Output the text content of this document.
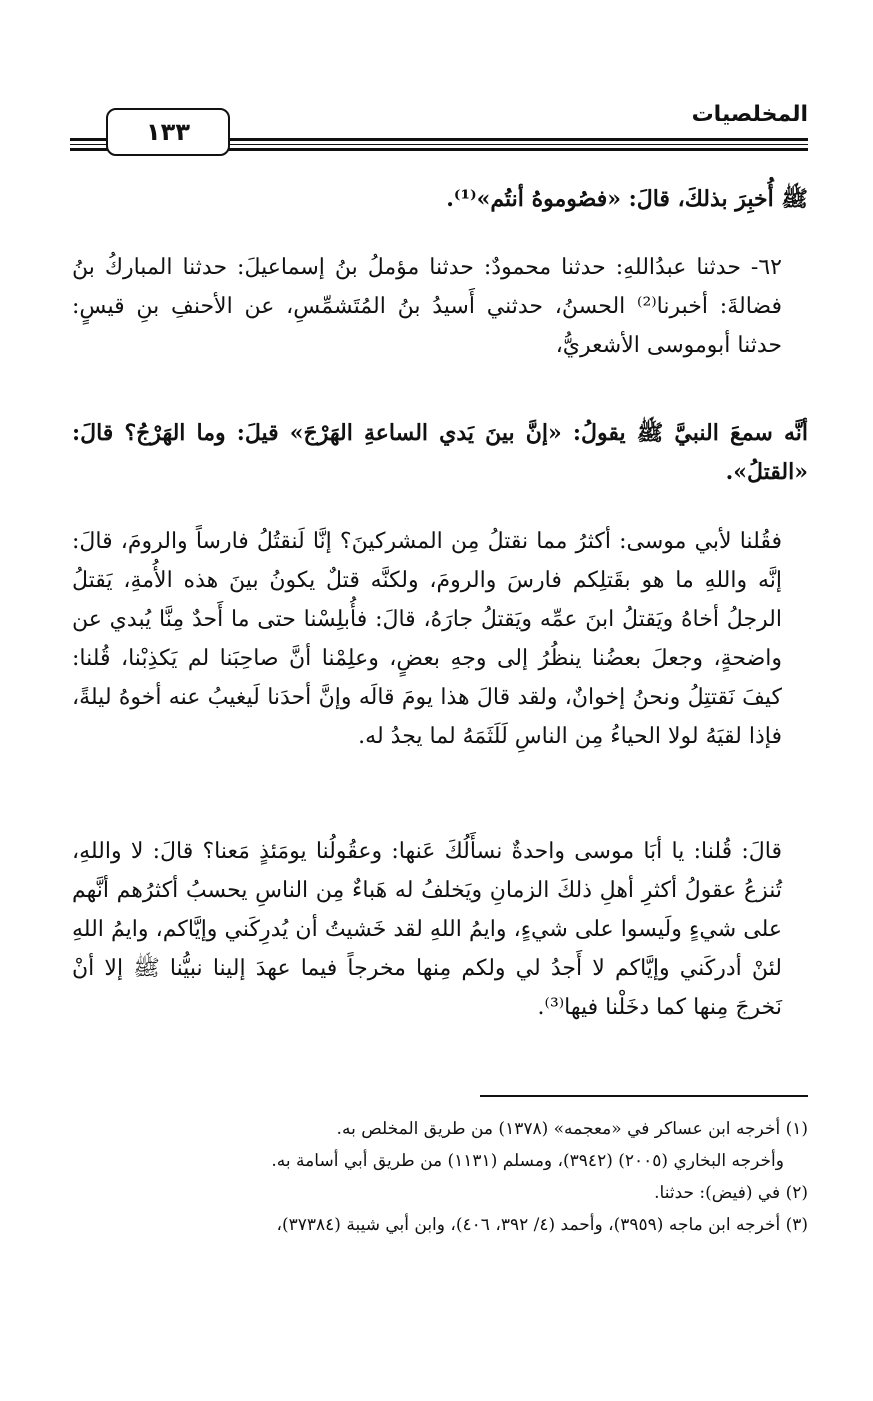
المخلصيات
١٣٣

ﷺ أُخبِرَ بذلكَ، قالَ: «فصُوموهُ أنتُم»⁽¹⁾.

٦٢- حدثنا عبدُاللهِ: حدثنا محمودٌ: حدثنا مؤملُ بنُ إسماعيلَ: حدثنا المباركُ بنُ فضالةَ: أخبرنا⁽²⁾ الحسنُ، حدثني أَسيدُ بنُ المُتَشمِّسِ، عن الأحنفِ بنِ قيسٍ: حدثنا أبوموسى الأشعريُّ،

أنَّه سمعَ النبيَّ ﷺ يقولُ: «إنَّ بينَ يَدي الساعةِ الهَرْجَ» قيلَ: وما الهَرْجُ؟ قالَ: «القتلُ».

فقُلنا لأبي موسى: أكثرُ مما نقتلُ مِن المشركينَ؟ إنَّا لَنقتُلُ فارساً والرومَ، قالَ: إنَّه واللهِ ما هو بقَتلِكم فارسَ والرومَ، ولكنَّه قتلٌ يكونُ بينَ هذه الأُمةِ، يَقتلُ الرجلُ أخاهُ ويَقتلُ ابنَ عمِّه ويَقتلُ جارَهُ، قالَ: فأُبلِسْنا حتى ما أَحدٌ مِنَّا يُبدي عن واضحةٍ، وجعلَ بعضُنا ينظُرُ إلى وجهِ بعضٍ، وعلِمْنا أنَّ صاحِبَنا لم يَكذِبْنا، قُلنا: كيفَ نَقتتِلُ ونحنُ إخوانٌ، ولقد قالَ هذا يومَ قالَه وإنَّ أحدَنا لَيغيبُ عنه أخوهُ ليلةً، فإذا لقيَهُ لولا الحياءُ مِن الناسِ لَلَثَمَهُ لما يجدُ له.

قالَ: قُلنا: يا أبَا موسى واحدةٌ نسأَلُكَ عَنها: وعقُولُنا يومَئذٍ مَعنا؟ قالَ: لا واللهِ، تُنزعُ عقولُ أكثرِ أهلِ ذلكَ الزمانِ ويَخلفُ له هَباءٌ مِن الناسِ يحسبُ أكثرُهم أنَّهم على شيءٍ ولَيسوا على شيءٍ، وايمُ اللهِ لقد خَشيتُ أن يُدرِكَني وإيَّاكم، وايمُ اللهِ لئنْ أدركَني وإيَّاكم لا أَجدُ لي ولكم مِنها مخرجاً فيما عهدَ إلينا نبيُّنا ﷺ إلا أنْ نَخرجَ مِنها كما دخَلْنا فيها⁽³⁾.

(١) أخرجه ابن عساكر في «معجمه» (١٣٧٨) من طريق المخلص به.

وأخرجه البخاري (٢٠٠٥) (٣٩٤٢)، ومسلم (١١٣١) من طريق أبي أسامة به.

(٢) في (فيض): حدثنا.

(٣) أخرجه ابن ماجه (٣٩٥٩)، وأحمد (٤/ ٣٩٢، ٤٠٦)، وابن أبي شيبة (٣٧٣٨٤)،
